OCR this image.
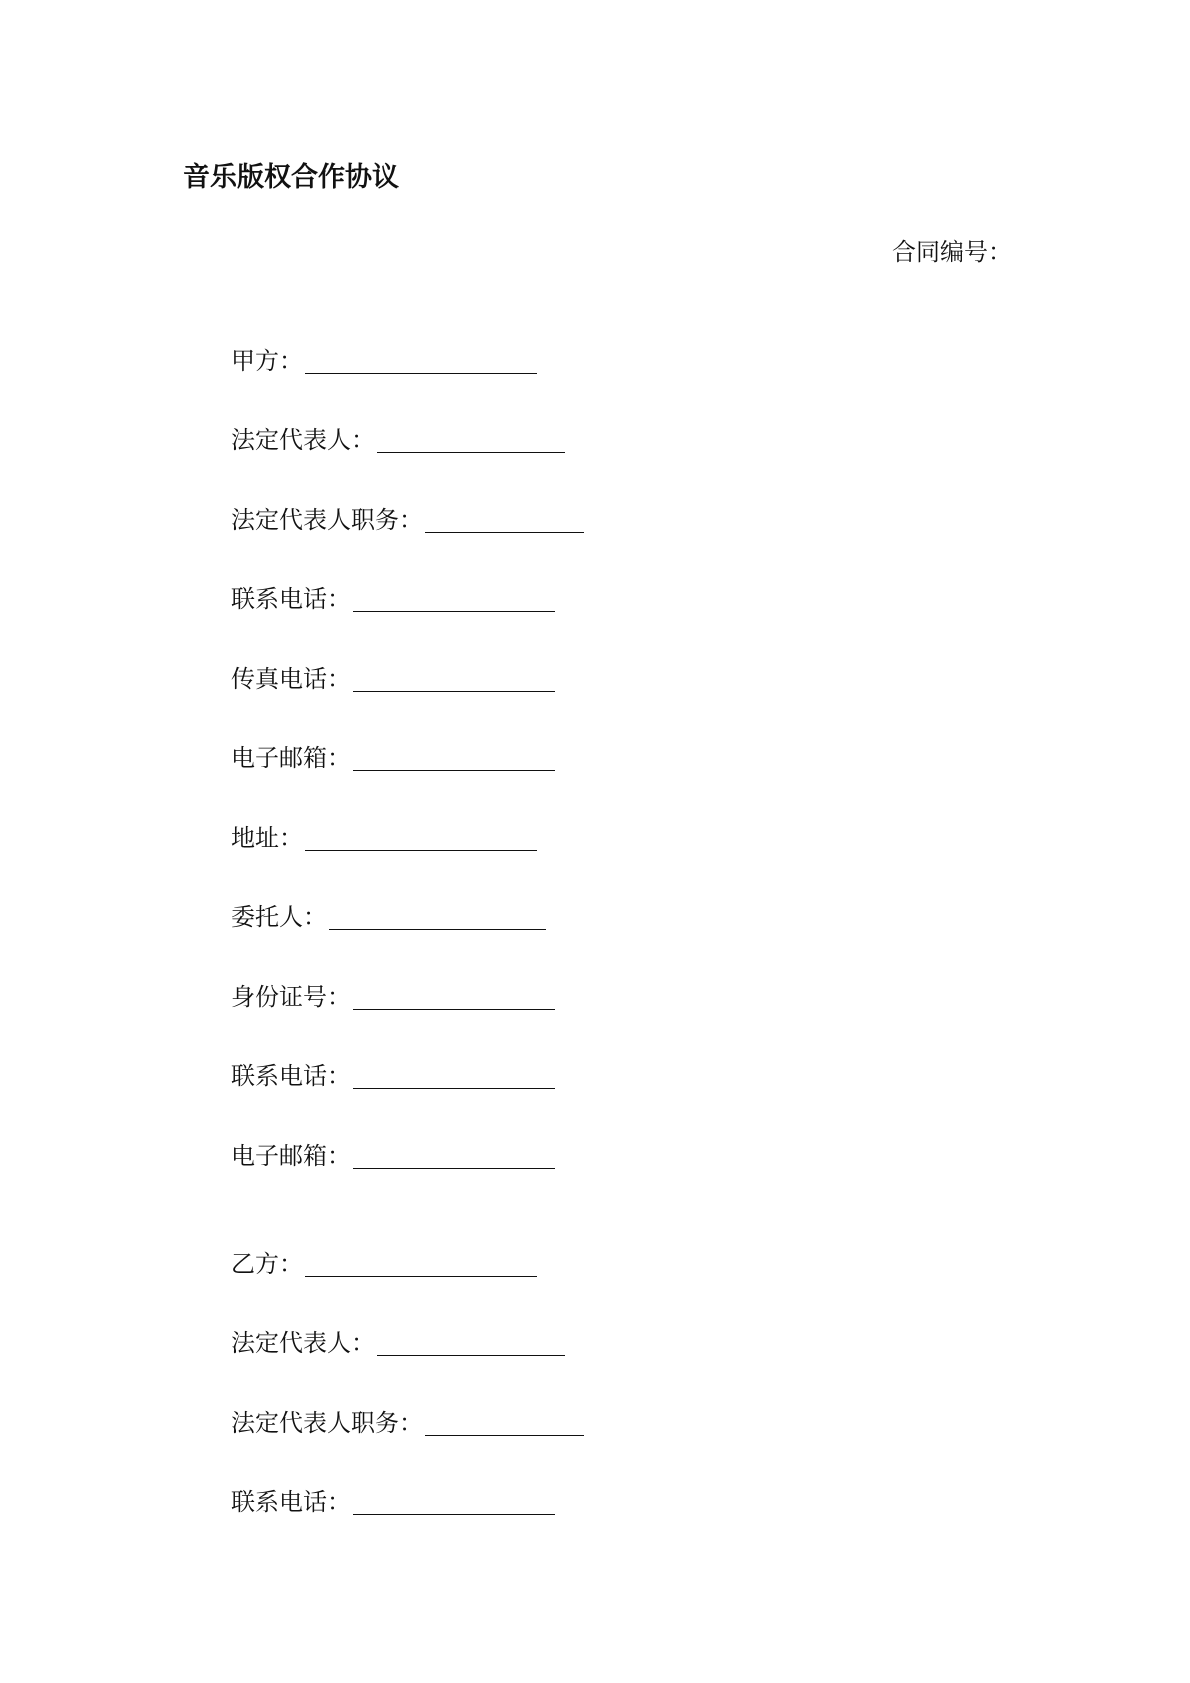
音乐版权合作协议
合同编号：
甲方：
法定代表人：
法定代表人职务：
联系电话：
传真电话：
电子邮箱：
地址：
委托人：
身份证号：
联系电话：
电子邮箱：
乙方：
法定代表人：
法定代表人职务：
联系电话：
